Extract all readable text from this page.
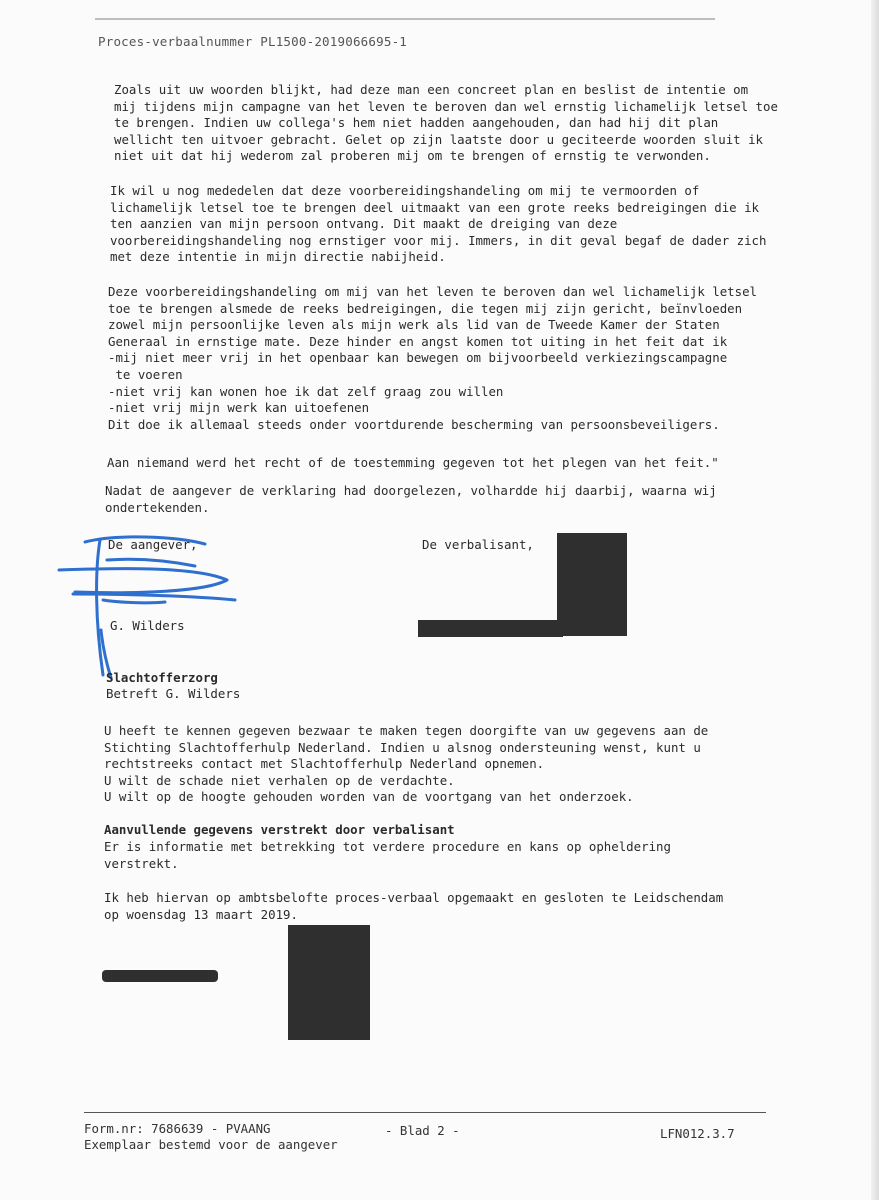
Proces-verbaalnummer PL1500-2019066695-1

Zoals uit uw woorden blijkt, had deze man een concreet plan en beslist de intentie om
mij tijdens mijn campagne van het leven te beroven dan wel ernstig lichamelijk letsel toe
te brengen. Indien uw collega's hem niet hadden aangehouden, dan had hij dit plan
wellicht ten uitvoer gebracht. Gelet op zijn laatste door u geciteerde woorden sluit ik
niet uit dat hij wederom zal proberen mij om te brengen of ernstig te verwonden.

Ik wil u nog mededelen dat deze voorbereidingshandeling om mij te vermoorden of
lichamelijk letsel toe te brengen deel uitmaakt van een grote reeks bedreigingen die ik
ten aanzien van mijn persoon ontvang. Dit maakt de dreiging van deze
voorbereidingshandeling nog ernstiger voor mij. Immers, in dit geval begaf de dader zich
met deze intentie in mijn directie nabijheid.

Deze voorbereidingshandeling om mij van het leven te beroven dan wel lichamelijk letsel
toe te brengen alsmede de reeks bedreigingen, die tegen mij zijn gericht, beïnvloeden
zowel mijn persoonlijke leven als mijn werk als lid van de Tweede Kamer der Staten
Generaal in ernstige mate. Deze hinder en angst komen tot uiting in het feit dat ik
-mij niet meer vrij in het openbaar kan bewegen om bijvoorbeeld verkiezingscampagne
te voeren
-niet vrij kan wonen hoe ik dat zelf graag zou willen
-niet vrij mijn werk kan uitoefenen
Dit doe ik allemaal steeds onder voortdurende bescherming van persoonsbeveiligers.

Aan niemand werd het recht of de toestemming gegeven tot het plegen van het feit."

Nadat de aangever de verklaring had doorgelezen, volhardde hij daarbij, waarna wij
ondertekenden.

De aangever,	De verbalisant,
G. Wilders
Slachtofferzorg
Betreft G. Wilders

U heeft te kennen gegeven bezwaar te maken tegen doorgifte van uw gegevens aan de
Stichting Slachtofferhulp Nederland. Indien u alsnog ondersteuning wenst, kunt u
rechtstreeks contact met Slachtofferhulp Nederland opnemen.
U wilt de schade niet verhalen op de verdachte.
U wilt op de hoogte gehouden worden van de voortgang van het onderzoek.

Aanvullende gegevens verstrekt door verbalisant

Er is informatie met betrekking tot verdere procedure en kans op opheldering
verstrekt.

Ik heb hiervan op ambtsbelofte proces-verbaal opgemaakt en gesloten te Leidschendam
op woensdag 13 maart 2019.

Form.nr: 7686639 - PVAANG
Exemplaar bestemd voor de aangever
- Blad 2 -	LFN012.3.7
